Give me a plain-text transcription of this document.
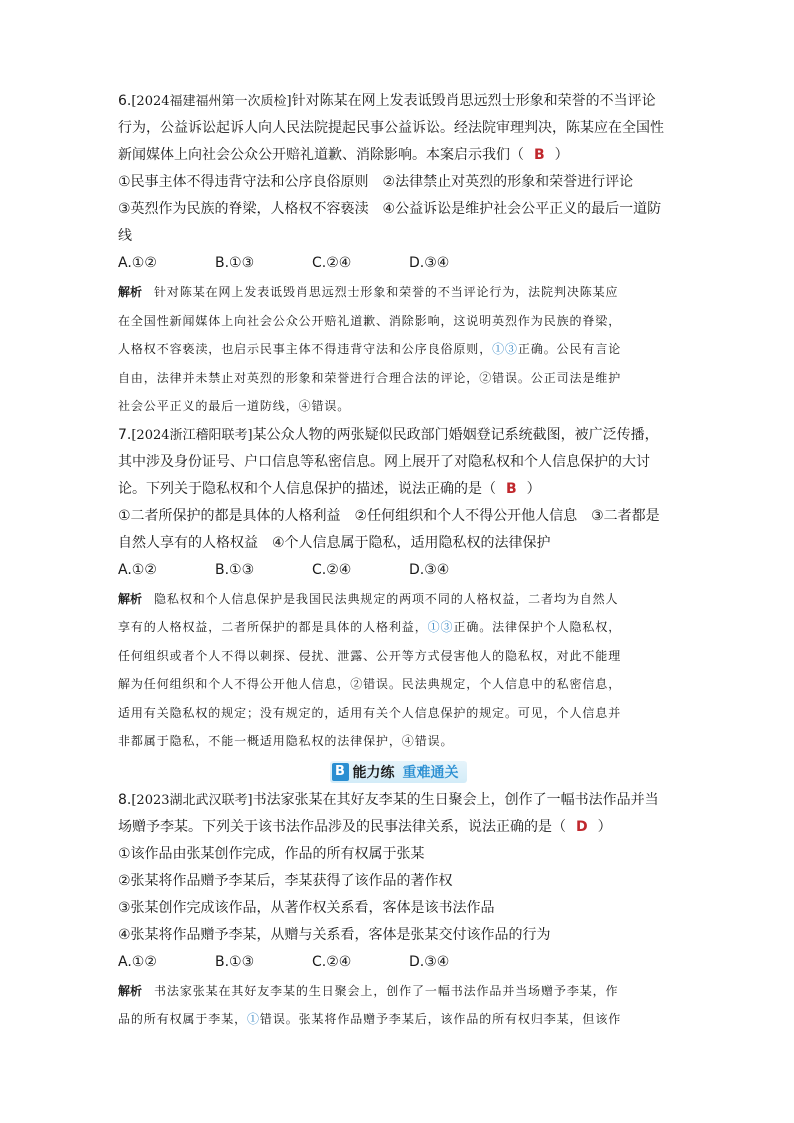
6.[2024福建福州第一次质检]针对陈某在网上发表诋毁肖思远烈士形象和荣誉的不当评论

行为，公益诉讼起诉人向人民法院提起民事公益诉讼。经法院审理判决，陈某应在全国性

新闻媒体上向社会公众公开赔礼道歉、消除影响。本案启示我们（ B ）

①民事主体不得违背守法和公序良俗原则　②法律禁止对英烈的形象和荣誉进行评论

③英烈作为民族的脊梁，人格权不容亵渎　④公益诉讼是维护社会公平正义的最后一道防

线

A.①②	B.①③	C.②④	D.③④

解析 针对陈某在网上发表诋毁肖思远烈士形象和荣誉的不当评论行为，法院判决陈某应

在全国性新闻媒体上向社会公众公开赔礼道歉、消除影响，这说明英烈作为民族的脊梁，

人格权不容亵渎，也启示民事主体不得违背守法和公序良俗原则，①③正确。公民有言论

自由，法律并未禁止对英烈的形象和荣誉进行合理合法的评论，②错误。公正司法是维护

社会公平正义的最后一道防线，④错误。

7.[2024浙江稽阳联考]某公众人物的两张疑似民政部门婚姻登记系统截图，被广泛传播，

其中涉及身份证号、户口信息等私密信息。网上展开了对隐私权和个人信息保护的大讨

论。下列关于隐私权和个人信息保护的描述，说法正确的是（ B ）

①二者所保护的都是具体的人格利益　②任何组织和个人不得公开他人信息　③二者都是

自然人享有的人格权益　④个人信息属于隐私，适用隐私权的法律保护

A.①②	B.①③	C.②④	D.③④

解析 隐私权和个人信息保护是我国民法典规定的两项不同的人格权益，二者均为自然人

享有的人格权益，二者所保护的都是具体的人格利益，①③正确。法律保护个人隐私权，

任何组织或者个人不得以刺探、侵扰、泄露、公开等方式侵害他人的隐私权，对此不能理

解为任何组织和个人不得公开他人信息，②错误。民法典规定，个人信息中的私密信息，

适用有关隐私权的规定；没有规定的，适用有关个人信息保护的规定。可见，个人信息并

非都属于隐私，不能一概适用隐私权的法律保护，④错误。

B 能力练 重难通关

8.[2023湖北武汉联考]书法家张某在其好友李某的生日聚会上，创作了一幅书法作品并当

场赠予李某。下列关于该书法作品涉及的民事法律关系，说法正确的是（ D ）

①该作品由张某创作完成，作品的所有权属于张某

②张某将作品赠予李某后，李某获得了该作品的著作权

③张某创作完成该作品，从著作权关系看，客体是该书法作品

④张某将作品赠予李某，从赠与关系看，客体是张某交付该作品的行为

A.①②	B.①③	C.②④	D.③④

解析 书法家张某在其好友李某的生日聚会上，创作了一幅书法作品并当场赠予李某，作

品的所有权属于李某，①错误。张某将作品赠予李某后，该作品的所有权归李某，但该作
